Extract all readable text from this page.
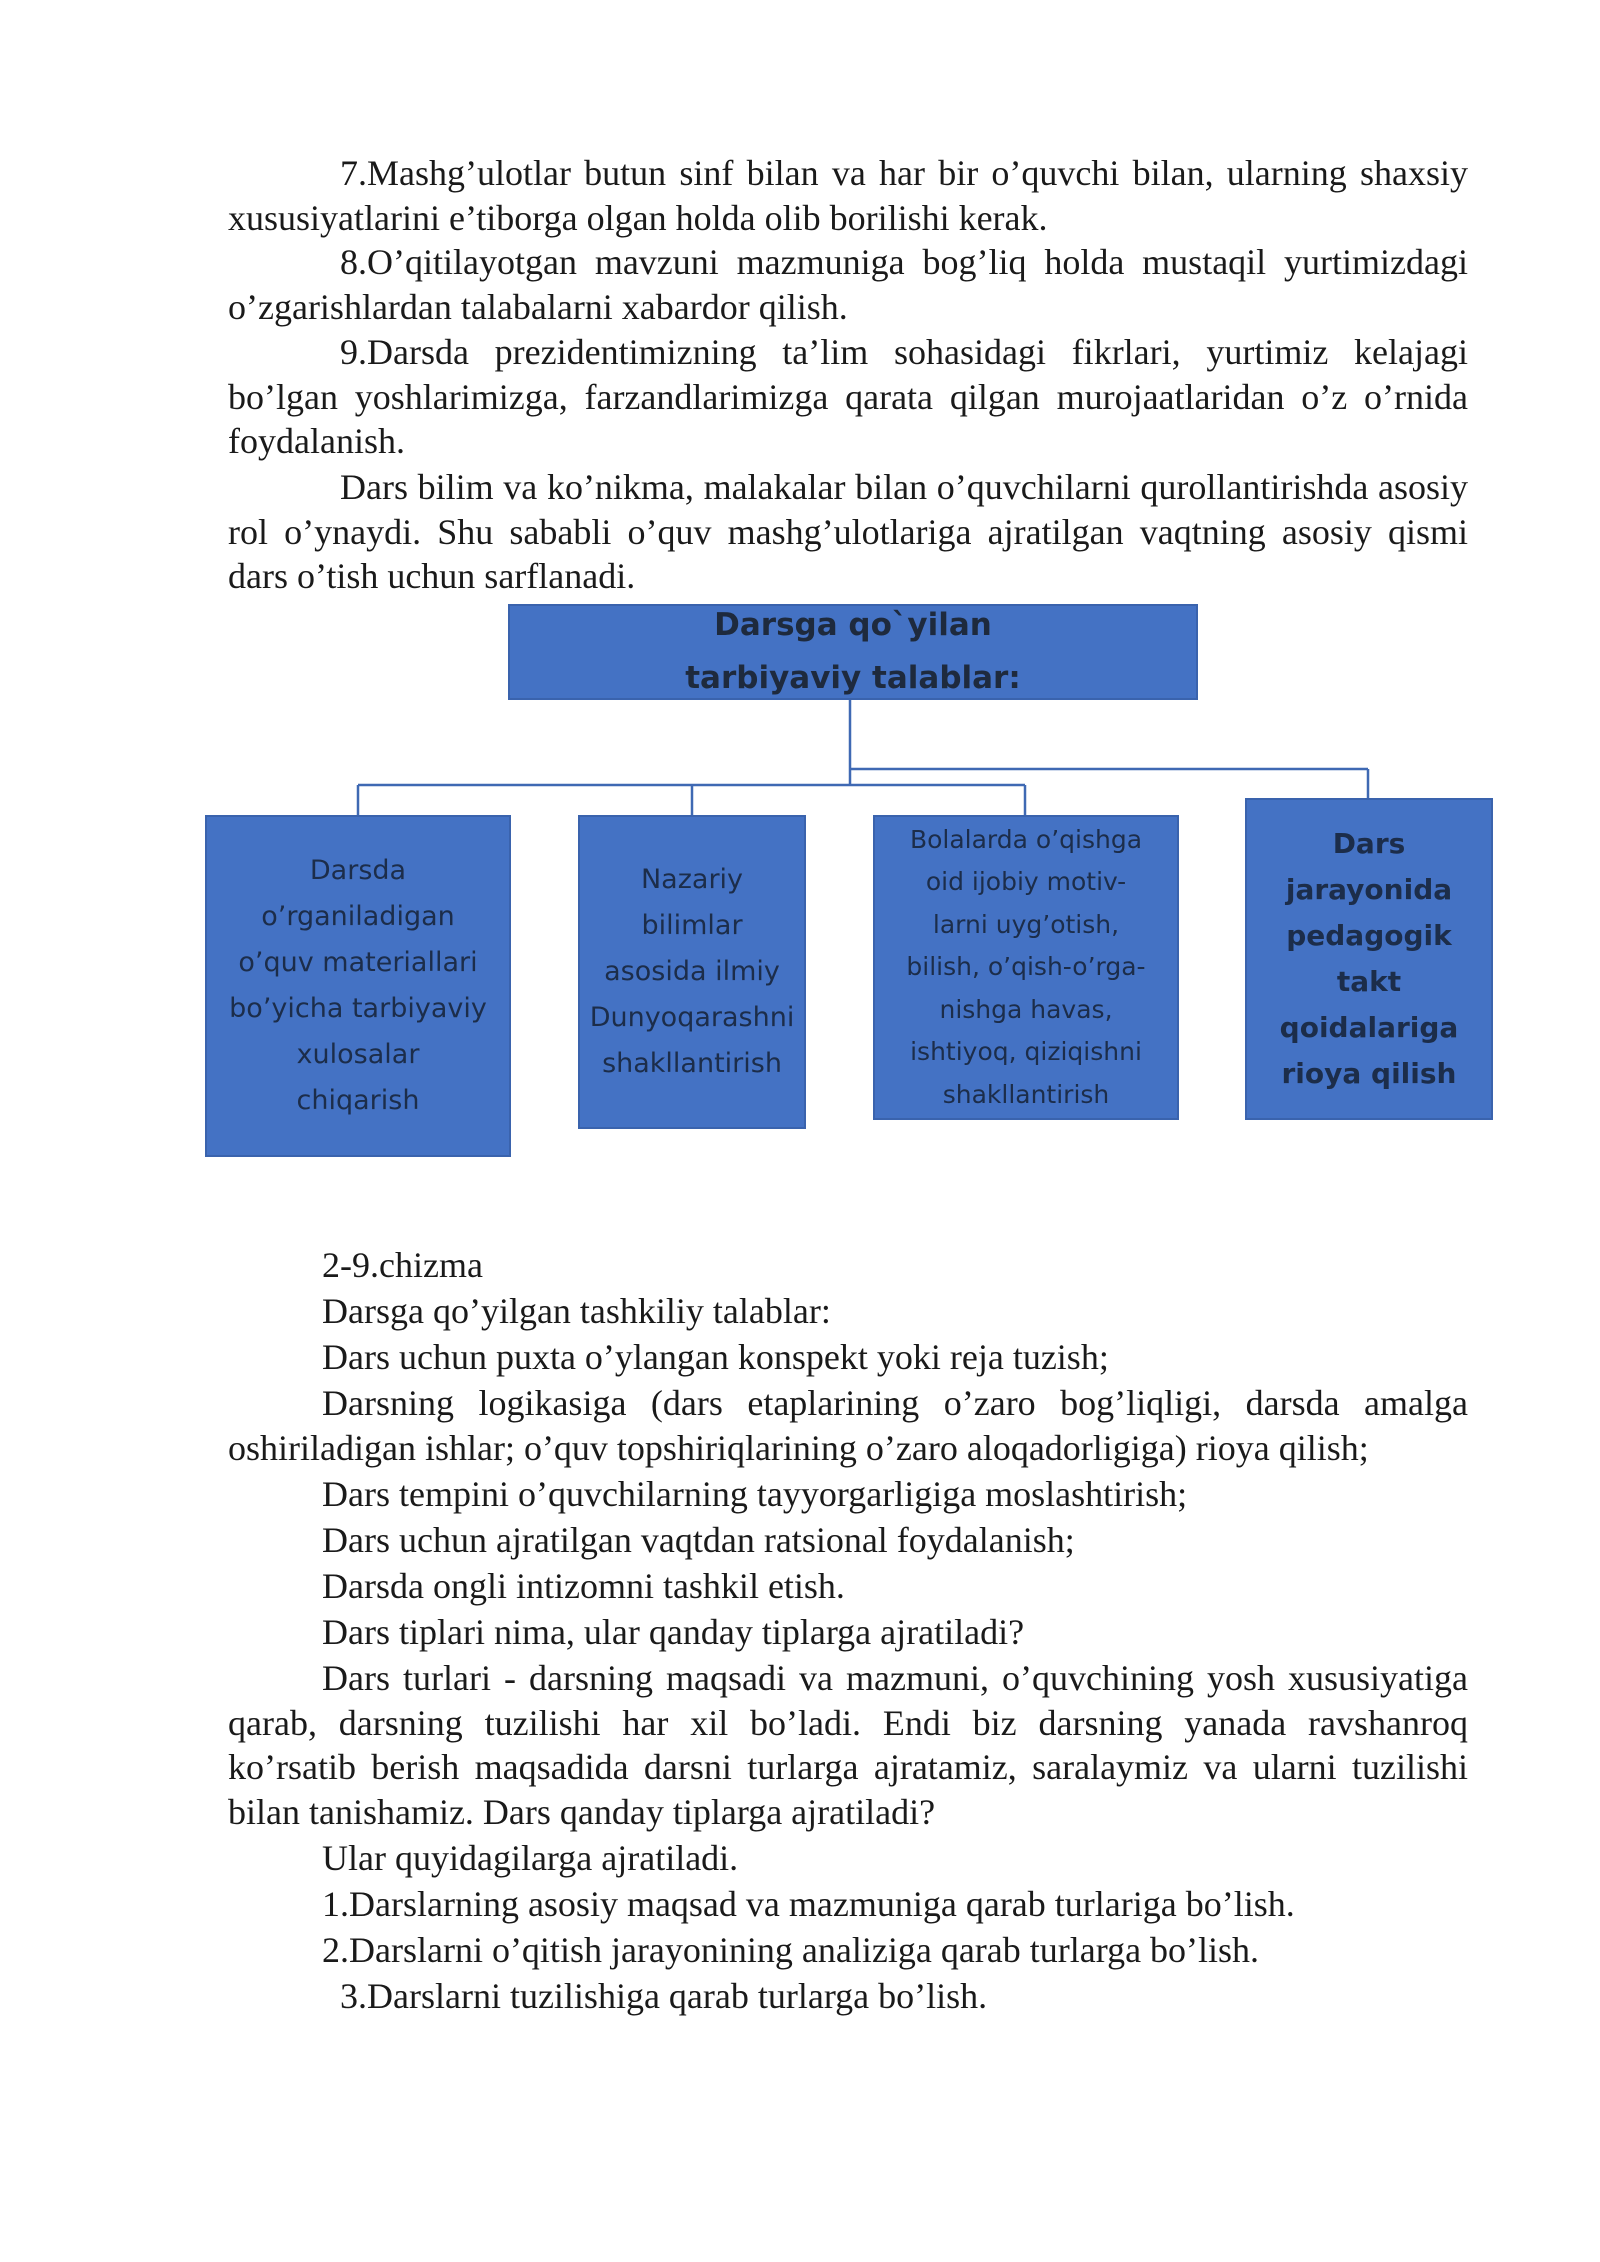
7.Mashg’ulotlar butun sinf bilan va har bir o’quvchi bilan, ularning shaxsiy xususiyatlarini e’tiborga olgan holda olib borilishi kerak.

8.O’qitilayotgan mavzuni mazmuniga bog’liq holda mustaqil yurtimizdagi o’zgarishlardan talabalarni xabardor qilish.

9.Darsda prezidentimizning ta’lim sohasidagi fikrlari, yurtimiz kelajagi bo’lgan yoshlarimizga, farzandlarimizga qarata qilgan murojaatlaridan o’z o’rnida foydalanish.

Dars bilim va ko’nikma, malakalar bilan o’quvchilarni qurollantirishda asosiy rol o’ynaydi. Shu sababli o’quv mashg’ulotlariga ajratilgan vaqtning asosiy qismi dars o’tish uchun sarflanadi.

Darsga qo`yilan
tarbiyaviy talablar:
Darsda
o’rganiladigan
o’quv materiallari
bo’yicha tarbiyaviy
xulosalar
chiqarish
Nazariy bilimlar
asosida ilmiy
Dunyoqarashni
shakllantirish
Bolalarda o’qishga
oid ijobiy motiv-
larni uyg’otish,
bilish, o’qish-o’rga-
nishga havas,
ishtiyoq, qiziqishni
shakllantirish
Dars jarayonida
pedagogik takt
qoidalariga
rioya qilish

2-9.chizma

Darsga qo’yilgan tashkiliy talablar:

Dars uchun puxta o’ylangan konspekt yoki reja tuzish;

Darsning logikasiga (dars etaplarining o’zaro bog’liqligi, darsda amalga oshiriladigan ishlar; o’quv topshiriqlarining o’zaro aloqadorligiga) rioya qilish;

Dars tempini o’quvchilarning tayyorgarligiga moslashtirish;

Dars uchun ajratilgan vaqtdan ratsional foydalanish;

Darsda ongli intizomni tashkil etish.

Dars tiplari nima, ular qanday tiplarga ajratiladi?

Dars turlari - darsning maqsadi va mazmuni, o’quvchining yosh xususiyatiga qarab, darsning tuzilishi har xil bo’ladi. Endi biz darsning yanada ravshanroq ko’rsatib berish maqsadida darsni turlarga ajratamiz, saralaymiz va ularni tuzilishi bilan tanishamiz. Dars qanday tiplarga ajratiladi?

Ular quyidagilarga ajratiladi.

1.Darslarning asosiy maqsad va mazmuniga qarab turlariga bo’lish.

2.Darslarni o’qitish jarayonining analiziga qarab turlarga bo’lish.

3.Darslarni tuzilishiga qarab turlarga bo’lish.
